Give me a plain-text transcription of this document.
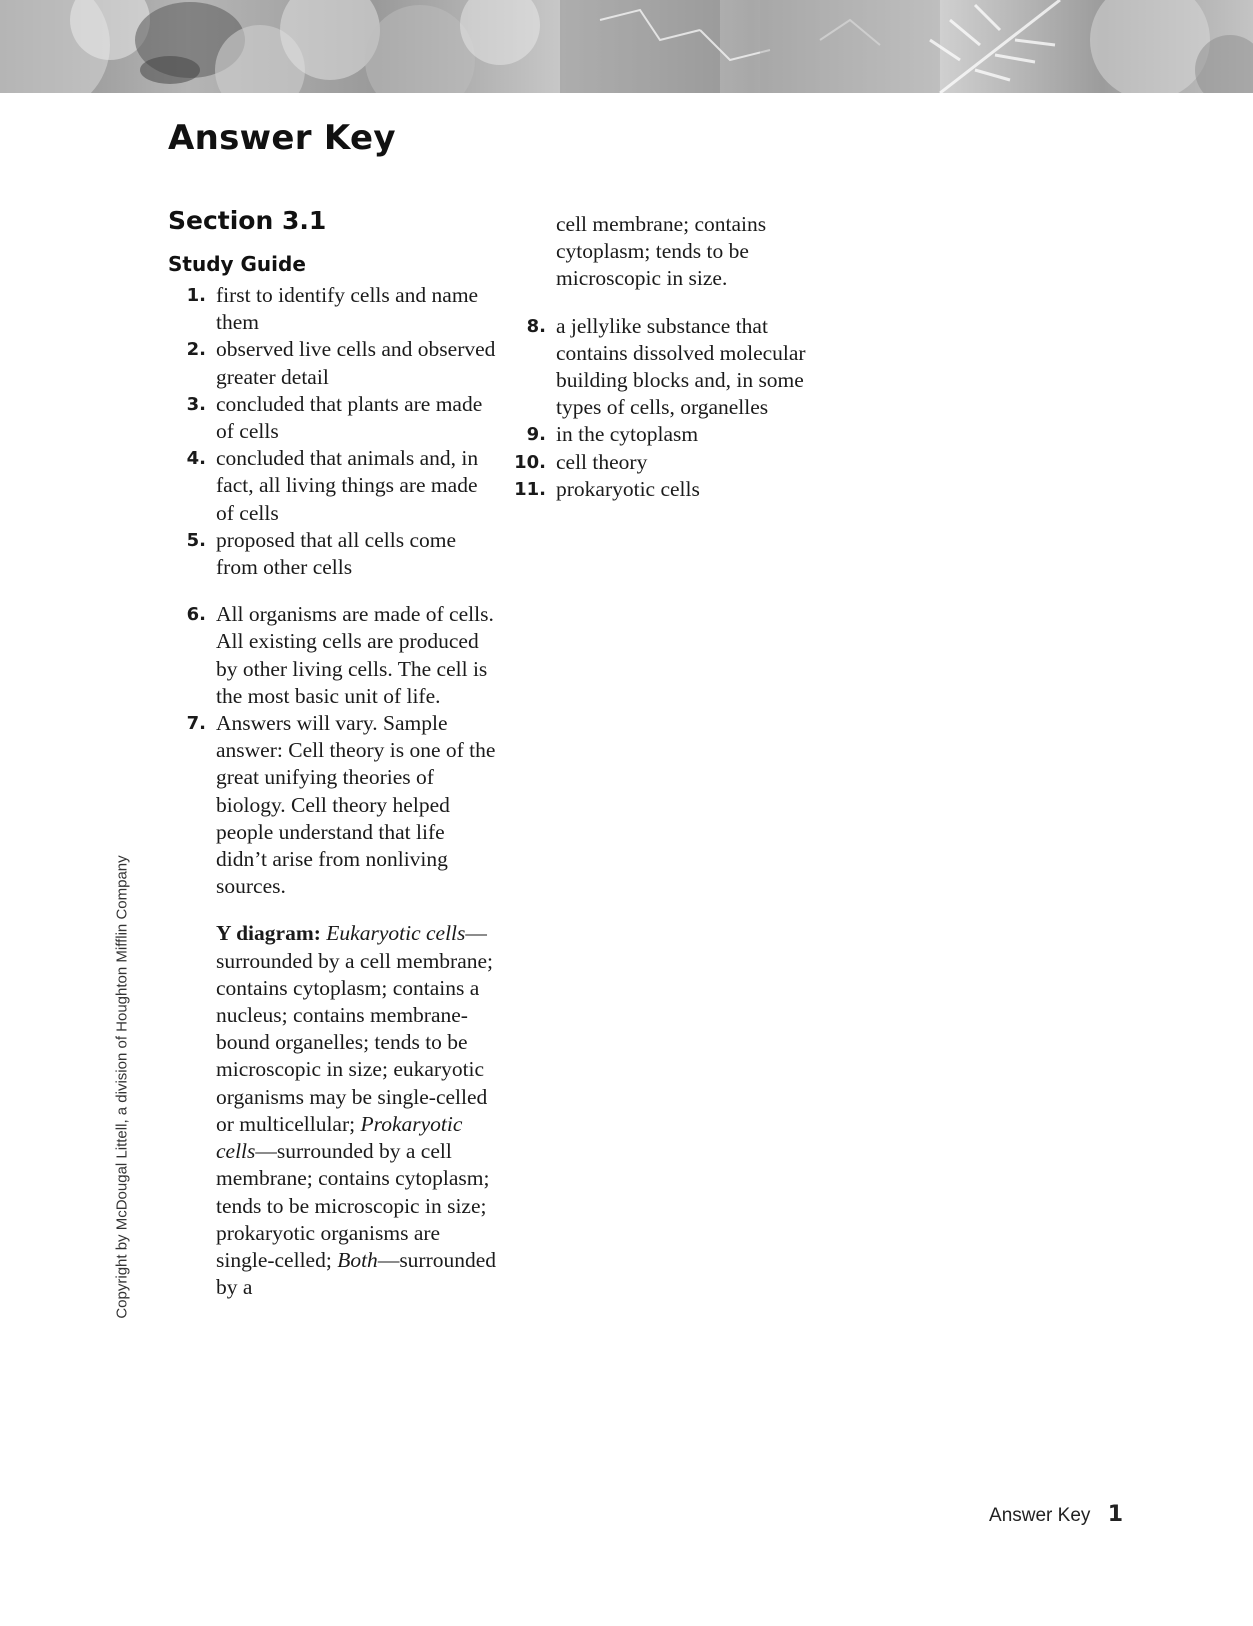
Answer Key
Section 3.1
Study Guide
1. first to identify cells and name them
2. observed live cells and observed greater detail
3. concluded that plants are made of cells
4. concluded that animals and, in fact, all living things are made of cells
5. proposed that all cells come from other cells
6. All organisms are made of cells. All existing cells are produced by other living cells. The cell is the most basic unit of life.
7. Answers will vary. Sample answer: Cell theory is one of the great unifying theories of biology. Cell theory helped people understand that life didn’t arise from nonliving sources.
Y diagram: Eukaryotic cells—surrounded by a cell membrane; contains cytoplasm; contains a nucleus; contains membrane-bound organelles; tends to be microscopic in size; eukaryotic organisms may be single-celled or multicellular; Prokaryotic cells—surrounded by a cell membrane; contains cytoplasm; tends to be microscopic in size; prokaryotic organisms are single-celled; Both—surrounded by a
cell membrane; contains cytoplasm; tends to be microscopic in size.
8. a jellylike substance that contains dissolved molecular building blocks and, in some types of cells, organelles
9. in the cytoplasm
10. cell theory
11. prokaryotic cells
Copyright by McDougal Littell, a division of Houghton Mifflin Company
Answer Key 1
